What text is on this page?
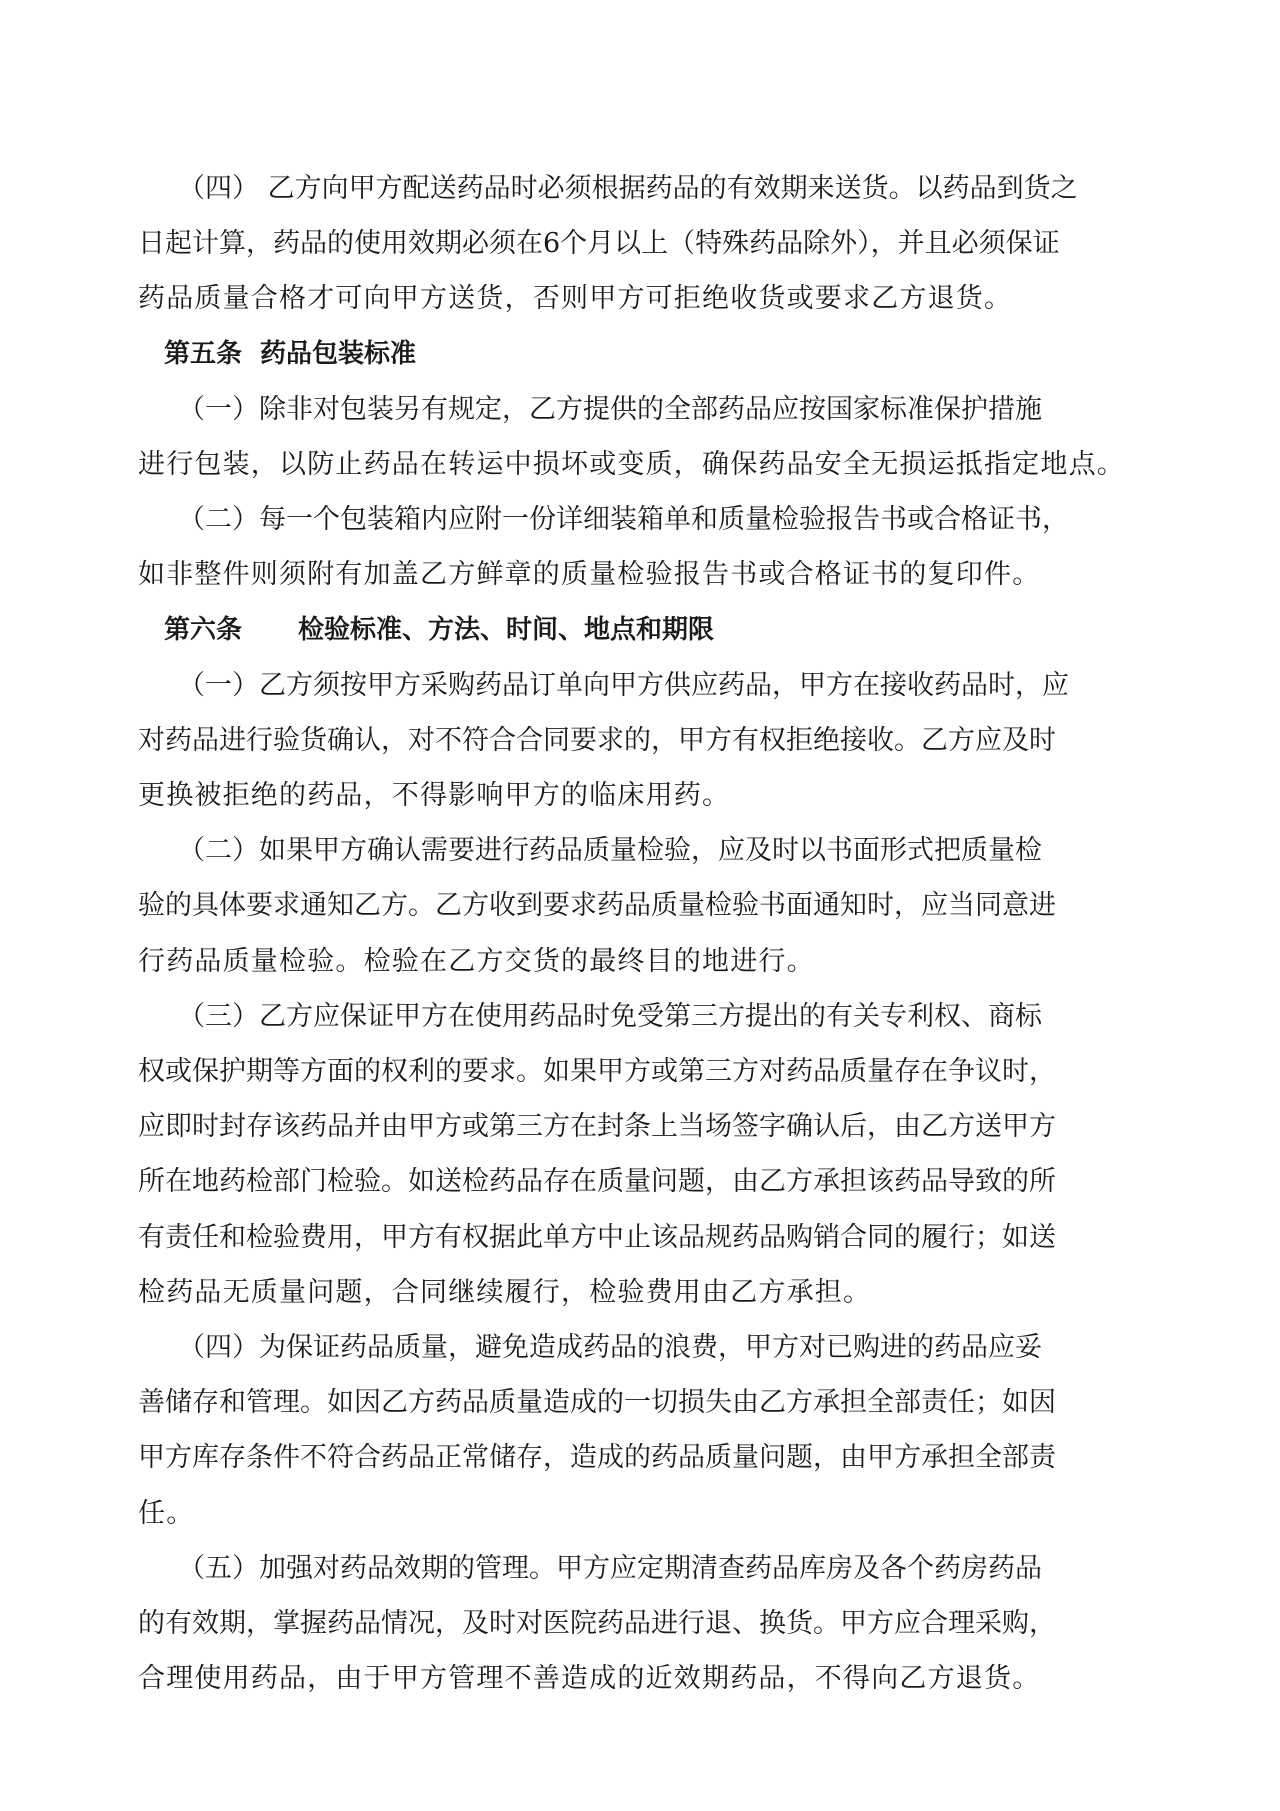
（四） 乙方向甲方配送药品时必须根据药品的有效期来送货。以药品到货之
日起计算，药品的使用效期必须在6个月以上（特殊药品除外），并且必须保证
药品质量合格才可向甲方送货，否则甲方可拒绝收货或要求乙方退货。
　第五条 药品包装标准
（一）除非对包装另有规定，乙方提供的全部药品应按国家标准保护措施
进行包装，以防止药品在转运中损坏或变质，确保药品安全无损运抵指定地点。
（二）每一个包装箱内应附一份详细装箱单和质量检验报告书或合格证书，
如非整件则须附有加盖乙方鲜章的质量检验报告书或合格证书的复印件。
　第六条 检验标准、方法、时间、地点和期限
（一）乙方须按甲方采购药品订单向甲方供应药品，甲方在接收药品时，应
对药品进行验货确认，对不符合合同要求的，甲方有权拒绝接收。乙方应及时
更换被拒绝的药品，不得影响甲方的临床用药。
（二）如果甲方确认需要进行药品质量检验，应及时以书面形式把质量检
验的具体要求通知乙方。乙方收到要求药品质量检验书面通知时，应当同意进
行药品质量检验。检验在乙方交货的最终目的地进行。
（三）乙方应保证甲方在使用药品时免受第三方提出的有关专利权、商标
权或保护期等方面的权利的要求。如果甲方或第三方对药品质量存在争议时，
应即时封存该药品并由甲方或第三方在封条上当场签字确认后，由乙方送甲方
所在地药检部门检验。如送检药品存在质量问题，由乙方承担该药品导致的所
有责任和检验费用，甲方有权据此单方中止该品规药品购销合同的履行；如送
检药品无质量问题，合同继续履行，检验费用由乙方承担。
（四）为保证药品质量，避免造成药品的浪费，甲方对已购进的药品应妥
善储存和管理。如因乙方药品质量造成的一切损失由乙方承担全部责任；如因
甲方库存条件不符合药品正常储存，造成的药品质量问题，由甲方承担全部责
任。
（五）加强对药品效期的管理。甲方应定期清查药品库房及各个药房药品
的有效期，掌握药品情况，及时对医院药品进行退、换货。甲方应合理采购，
合理使用药品，由于甲方管理不善造成的近效期药品，不得向乙方退货。
